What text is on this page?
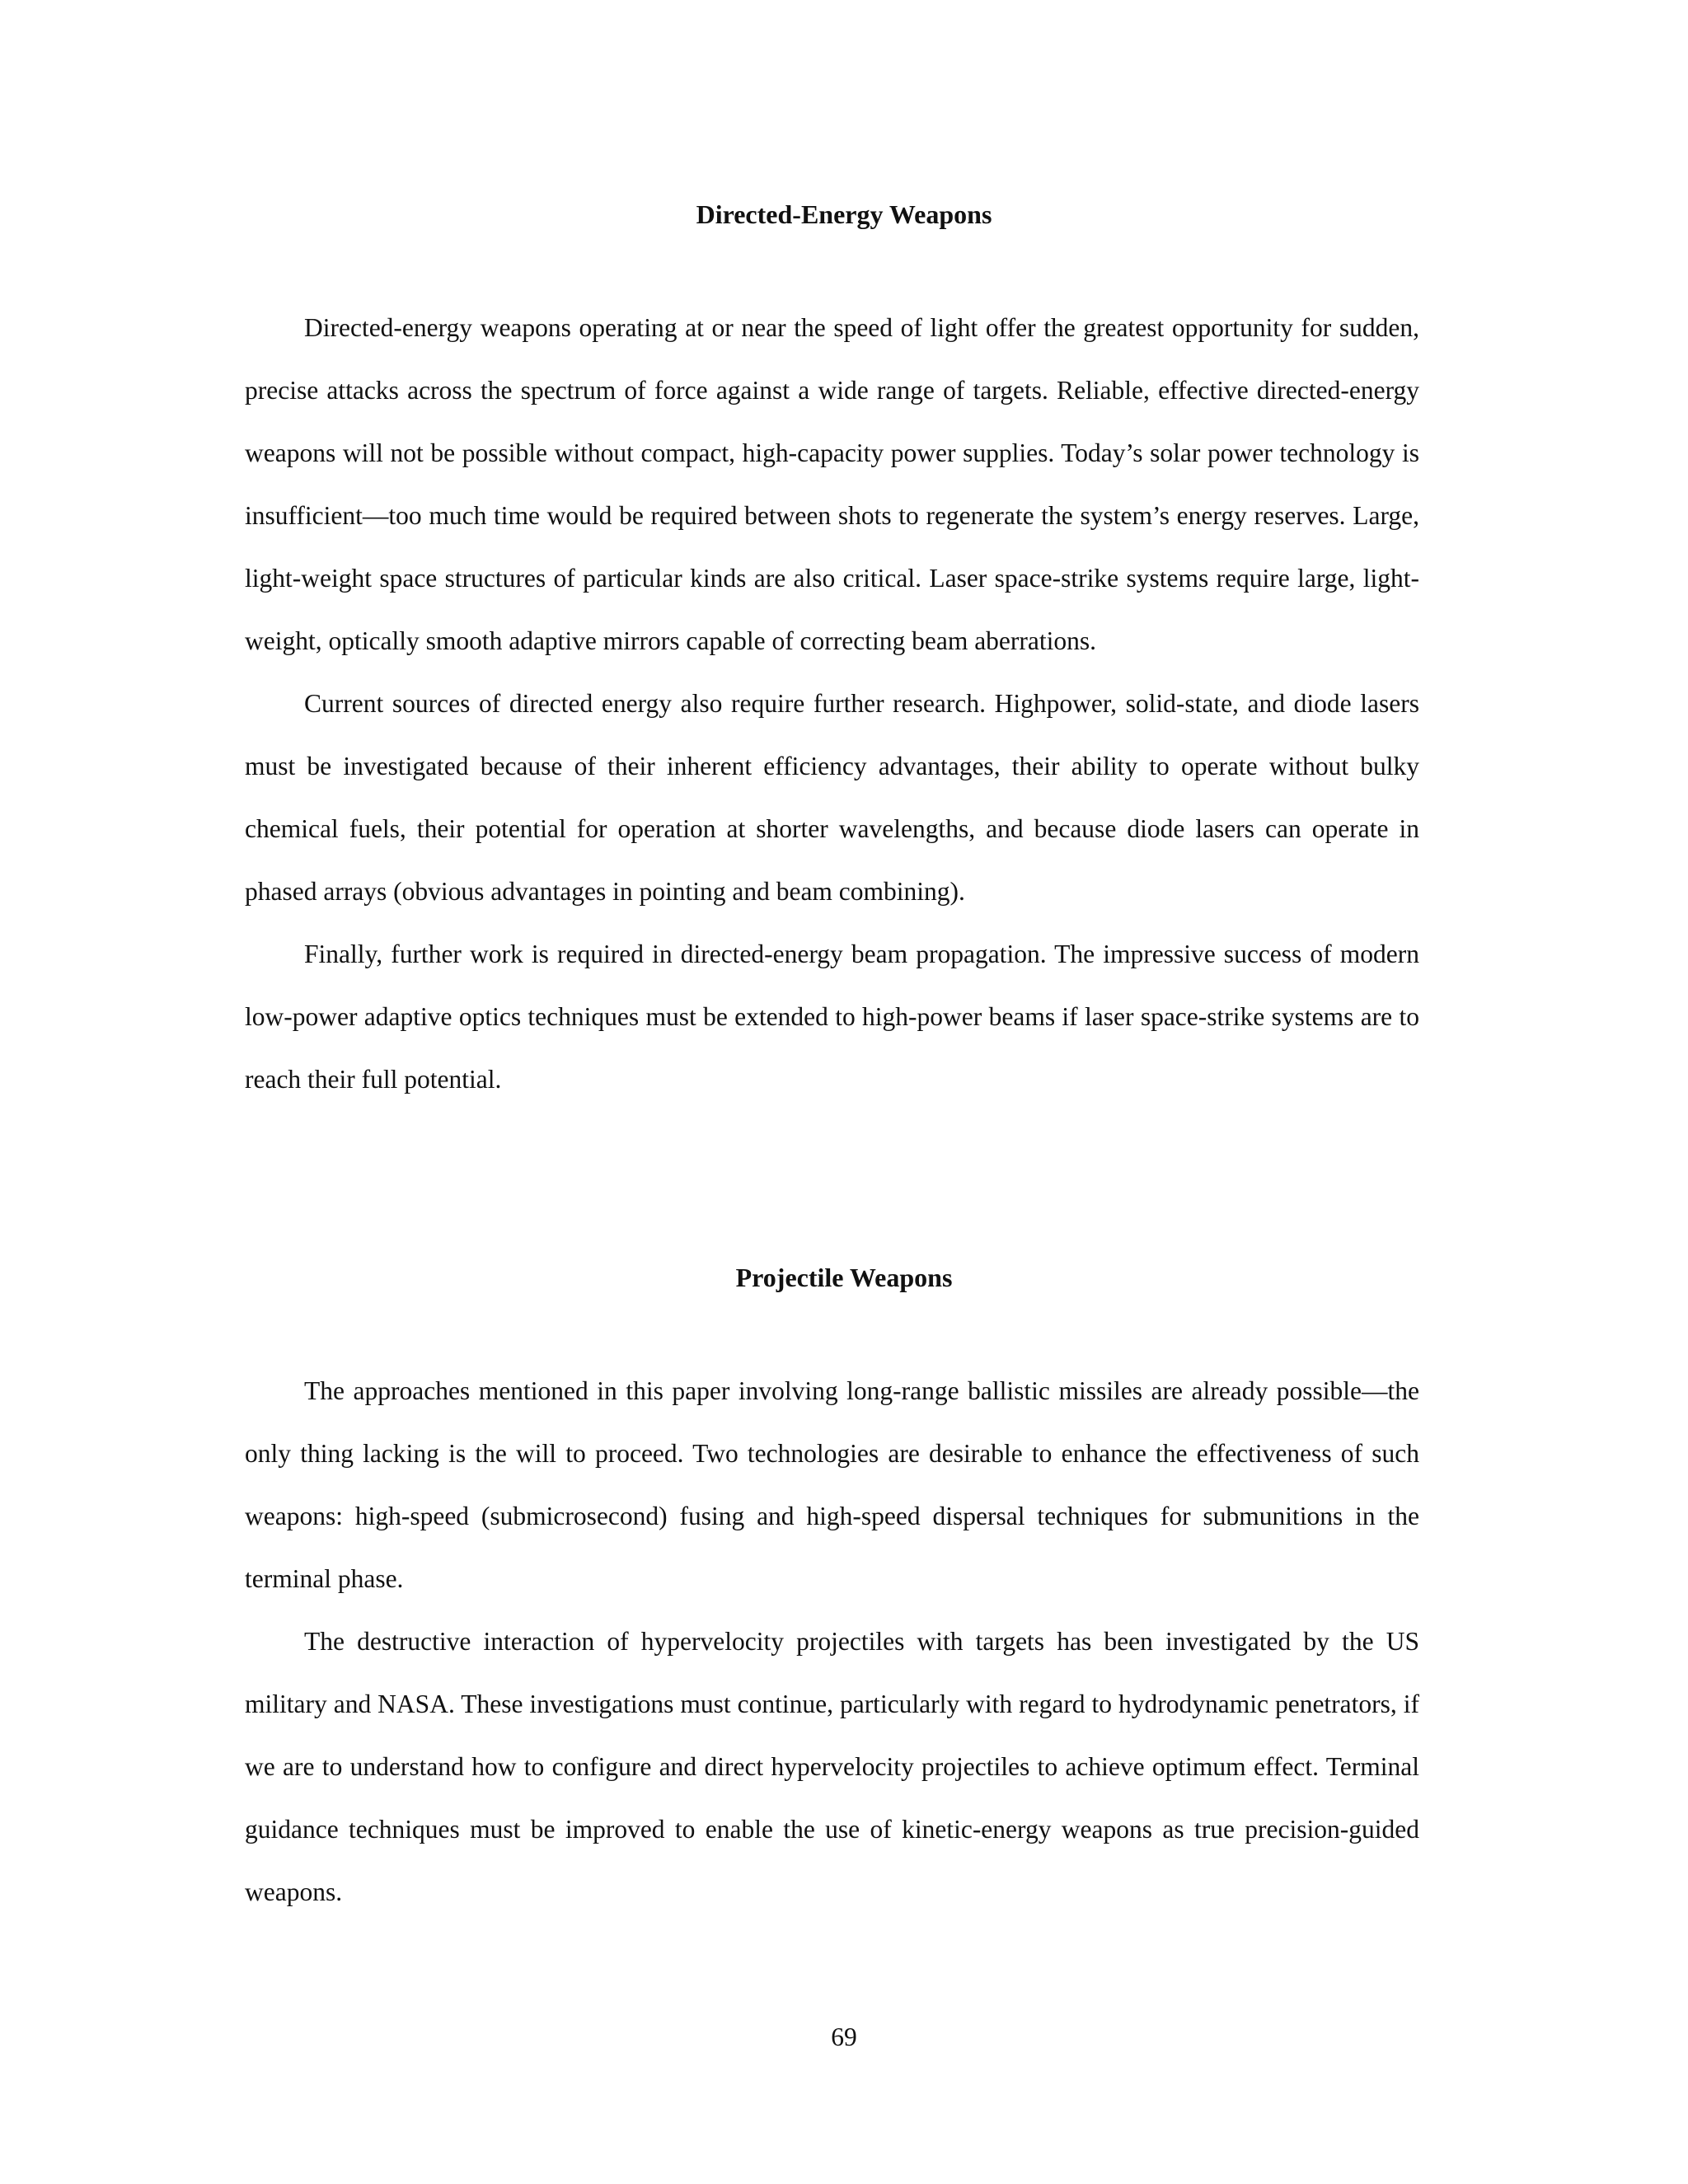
Directed-Energy Weapons

Directed-energy weapons operating at or near the speed of light offer the greatest opportunity for sudden, precise attacks across the spectrum of force against a wide range of targets. Reliable, effective directed-energy weapons will not be possible without compact, high-capacity power supplies. Today’s solar power technology is insufficient—too much time would be required between shots to regenerate the system’s energy reserves. Large, light-weight space structures of particular kinds are also critical. Laser space-strike systems require large, light-weight, optically smooth adaptive mirrors capable of correcting beam aberrations.

Current sources of directed energy also require further research. Highpower, solid-state, and diode lasers must be investigated because of their inherent efficiency advantages, their ability to operate without bulky chemical fuels, their potential for operation at shorter wavelengths, and because diode lasers can operate in phased arrays (obvious advantages in pointing and beam combining).

Finally, further work is required in directed-energy beam propagation. The impressive success of modern low-power adaptive optics techniques must be extended to high-power beams if laser space-strike systems are to reach their full potential.

Projectile Weapons

The approaches mentioned in this paper involving long-range ballistic missiles are already possible—the only thing lacking is the will to proceed. Two technologies are desirable to enhance the effectiveness of such weapons: high-speed (submicrosecond) fusing and high-speed dispersal techniques for submunitions in the terminal phase.

The destructive interaction of hypervelocity projectiles with targets has been investigated by the US military and NASA. These investigations must continue, particularly with regard to hydrodynamic penetrators, if we are to understand how to configure and direct hypervelocity projectiles to achieve optimum effect. Terminal guidance techniques must be improved to enable the use of kinetic-energy weapons as true precision-guided weapons.

69
